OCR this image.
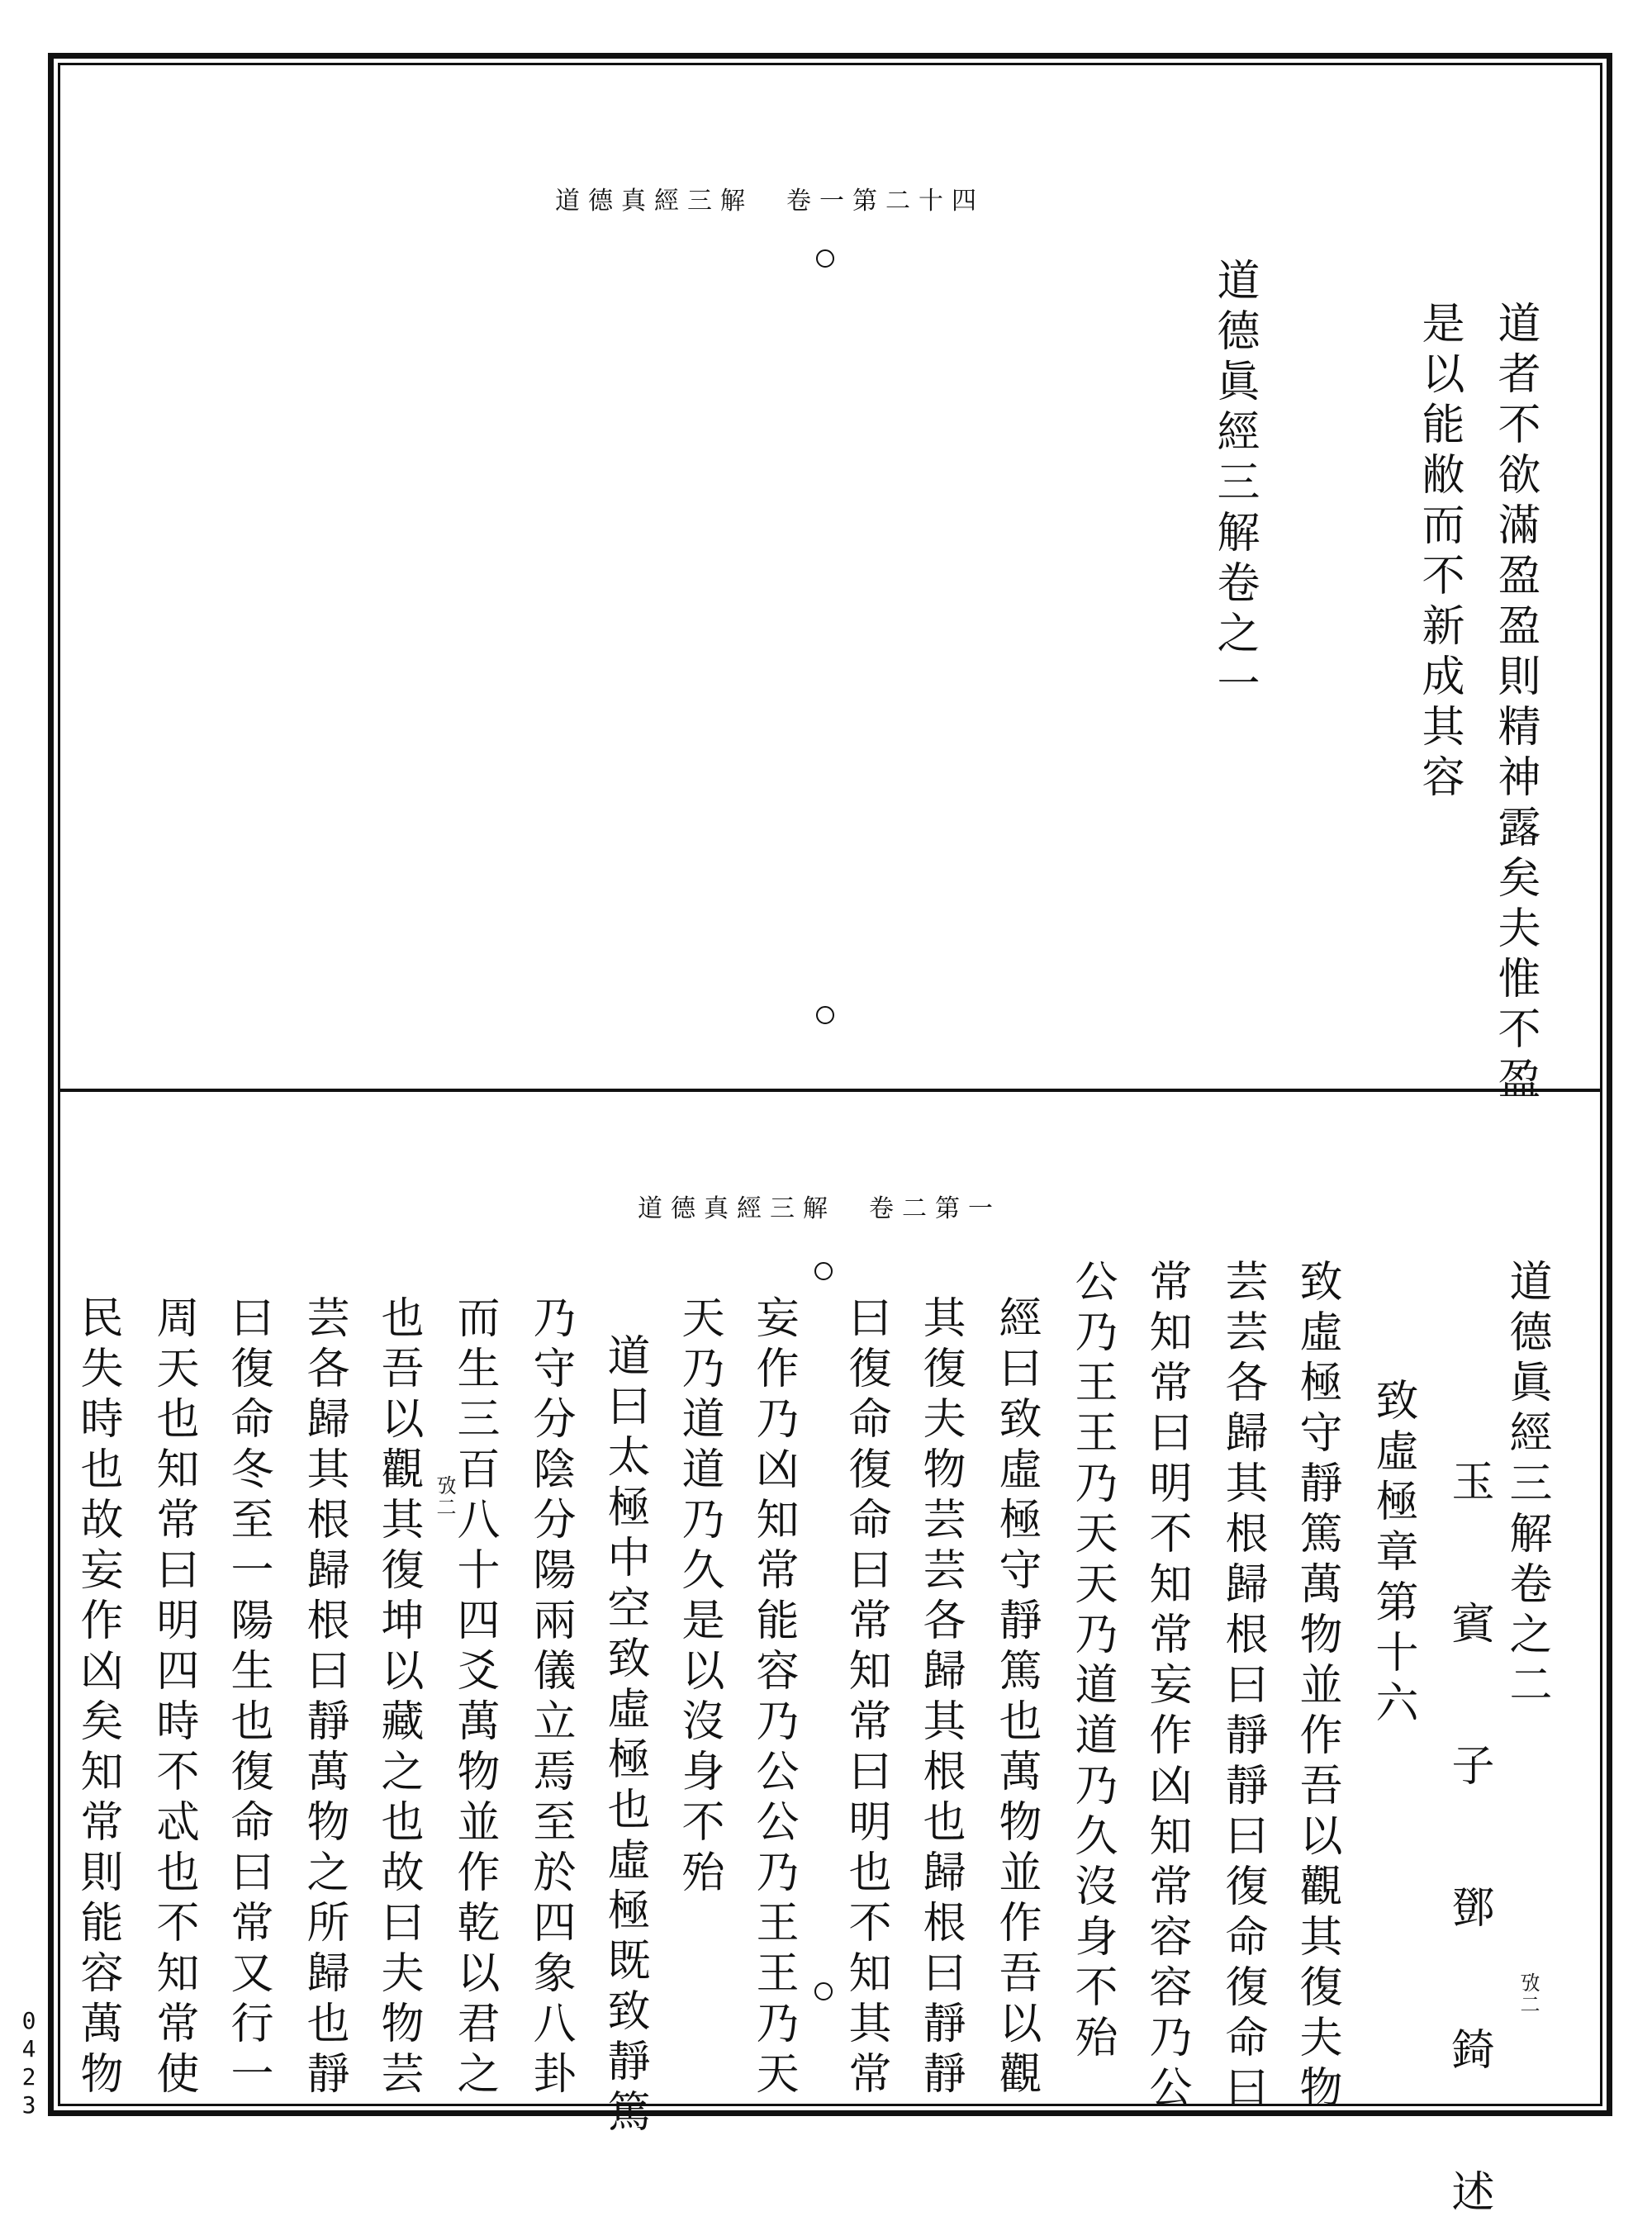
道德真經三解　卷一第二十四
道者不欲滿盈盈則精神露矣夫惟不盈
是以能敝而不新成其容
道德眞經三解卷之一
道德真經三解　卷二第一
攷二
道德眞經三解卷之二
玉　賓　子　鄧　錡　述
致虛極章第十六
致虛極守靜篤萬物並作吾以觀其復夫物
芸芸各歸其根歸根曰靜靜曰復命復命曰
常知常曰明不知常妄作凶知常容容乃公
公乃王王乃天天乃道道乃久沒身不殆
經曰致虛極守靜篤也萬物並作吾以觀
其復夫物芸芸各歸其根也歸根曰靜靜
曰復命復命曰常知常曰明也不知其常
妄作乃凶知常能容乃公公乃王王乃天
天乃道道乃久是以沒身不殆
道曰太極中空致虛極也虛極既致靜篤
乃守分陰分陽兩儀立焉至於四象八卦
而生三百八十四爻萬物並作乾以君之
攷二
也吾以觀其復坤以藏之也故曰夫物芸
芸各歸其根歸根曰靜萬物之所歸也靜
曰復命冬至一陽生也復命曰常又行一
周天也知常曰明四時不忒也不知常使
民失時也故妄作凶矣知常則能容萬物
0
4
2
3
